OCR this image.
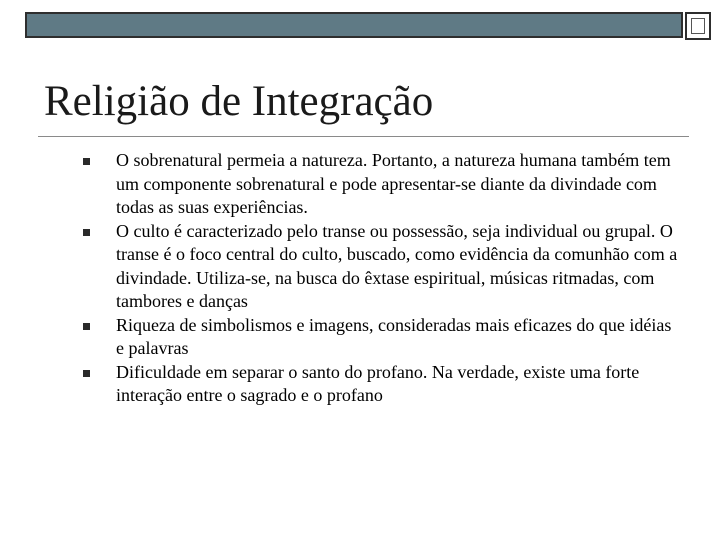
Religião de Integração
O sobrenatural permeia a natureza. Portanto, a natureza humana também tem um componente sobrenatural e pode apresentar-se diante da divindade com todas as suas experiências.
O culto é caracterizado pelo transe ou possessão, seja individual ou grupal. O transe é o foco central do culto, buscado, como evidência da comunhão com a divindade. Utiliza-se, na busca do êxtase espiritual, músicas ritmadas, com tambores e danças
Riqueza de simbolismos e imagens, consideradas mais eficazes do que idéias e palavras
Dificuldade em separar o santo do profano. Na verdade, existe uma forte interação entre o sagrado e o profano
